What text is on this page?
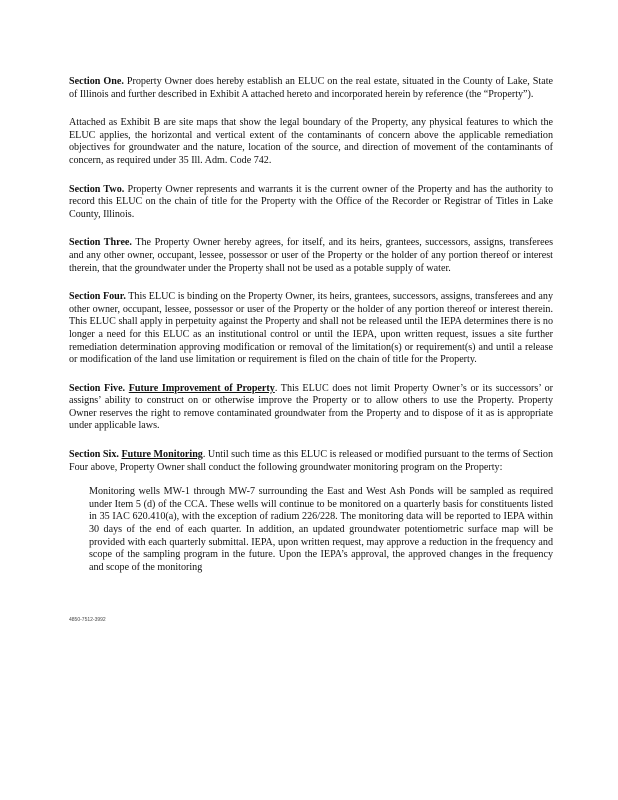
Section One. Property Owner does hereby establish an ELUC on the real estate, situated in the County of Lake, State of Illinois and further described in Exhibit A attached hereto and incorporated herein by reference (the “Property”).

Attached as Exhibit B are site maps that show the legal boundary of the Property, any physical features to which the ELUC applies, the horizontal and vertical extent of the contaminants of concern above the applicable remediation objectives for groundwater and the nature, location of the source, and direction of movement of the contaminants of concern, as required under 35 Ill. Adm. Code 742.

Section Two. Property Owner represents and warrants it is the current owner of the Property and has the authority to record this ELUC on the chain of title for the Property with the Office of the Recorder or Registrar of Titles in Lake County, Illinois.

Section Three. The Property Owner hereby agrees, for itself, and its heirs, grantees, successors, assigns, transferees and any other owner, occupant, lessee, possessor or user of the Property or the holder of any portion thereof or interest therein, that the groundwater under the Property shall not be used as a potable supply of water.

Section Four. This ELUC is binding on the Property Owner, its heirs, grantees, successors, assigns, transferees and any other owner, occupant, lessee, possessor or user of the Property or the holder of any portion thereof or interest therein. This ELUC shall apply in perpetuity against the Property and shall not be released until the IEPA determines there is no longer a need for this ELUC as an institutional control or until the IEPA, upon written request, issues a site further remediation determination approving modification or removal of the limitation(s) or requirement(s) and until a release or modification of the land use limitation or requirement is filed on the chain of title for the Property.

Section Five. Future Improvement of Property. This ELUC does not limit Property Owner’s or its successors’ or assigns’ ability to construct on or otherwise improve the Property or to allow others to use the Property. Property Owner reserves the right to remove contaminated groundwater from the Property and to dispose of it as is appropriate under applicable laws.

Section Six. Future Monitoring. Until such time as this ELUC is released or modified pursuant to the terms of Section Four above, Property Owner shall conduct the following groundwater monitoring program on the Property:

Monitoring wells MW-1 through MW-7 surrounding the East and West Ash Ponds will be sampled as required under Item 5 (d) of the CCA. These wells will continue to be monitored on a quarterly basis for constituents listed in 35 IAC 620.410(a), with the exception of radium 226/228. The monitoring data will be reported to IEPA within 30 days of the end of each quarter. In addition, an updated groundwater potentiometric surface map will be provided with each quarterly submittal. IEPA, upon written request, may approve a reduction in the frequency and scope of the sampling program in the future. Upon the IEPA’s approval, the approved changes in the frequency and scope of the monitoring

4850-7512-3992
